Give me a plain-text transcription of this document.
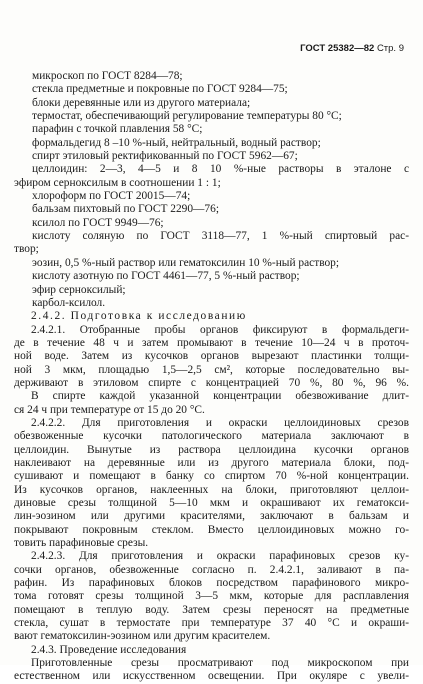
ГОСТ 25382—82 Стр. 9
микроскоп по ГОСТ 8284—78;
стекла предметные и покровные по ГОСТ 9284—75;
блоки деревянные или из другого материала;
термостат, обеспечивающий регулирование температуры 80 °С;
парафин с точкой плавления 58 °С;
формальдегид 8 –10 %-ный, нейтральный, водный раствор;
спирт этиловый ректификованный по ГОСТ 5962—67;
целлоидин: 2—3, 4—5 и 8 10 %-ные растворы в эталоне с
эфиром серноксилым в соотношении 1 : 1;
хлороформ по ГОСТ 20015—74;
бальзам пихтовый по ГОСТ 2290—76;
ксилол по ГОСТ 9949—76;
кислоту соляную по ГОСТ 3118—77, 1 %-ный спиртовый рас-
твор;
эозин, 0,5 %-ный раствор или гематоксилин 10 %-ный раствор;
кислоту азотную по ГОСТ 4461—77, 5 %-ный раствор;
эфир серноксилый;
карбол-ксилол.
2.4.2. Подготовка к исследованию
2.4.2.1. Отобранные пробы органов фиксируют в формальдеги-
де в течение 48 ч и затем промывают в течение 10—24 ч в проточ-
ной воде. Затем из кусочков органов вырезают пластинки толщи-
ной 3 мкм, площадью 1,5—2,5 см², которые последовательно вы-
держивают в этиловом спирте с концентрацией 70 %, 80 %, 96 %.
В спирте каждой указанной концентрации обезвоживание длит-
ся 24 ч при температуре от 15 до 20 °С.
2.4.2.2. Для приготовления и окраски целлоидиновых срезов
обезвоженные кусочки патологического материала заключают в
целлоидин. Вынутые из раствора целлоидина кусочки органов
наклеивают на деревянные или из другого материала блоки, под-
сушивают и помещают в банку со спиртом 70 %-ной концентрации.
Из кусочков органов, наклеенных на блоки, приготовляют целлои-
диновые срезы толщиной 5—10 мкм и окрашивают их гематокси-
лин-эозином или другими красителями, заключают в бальзам и
покрывают покровным стеклом. Вместо целлоидиновых можно го-
товить парафиновые срезы.
2.4.2.3. Для приготовления и окраски парафиновых срезов ку-
сочки органов, обезвоженные согласно п. 2.4.2.1, заливают в па-
рафин. Из парафиновых блоков посредством парафинового микро-
тома готовят срезы толщиной 3—5 мкм, которые для расплавления
помещают в теплую воду. Затем срезы переносят на предметные
стекла, сушат в термостате при температуре 37 40 °С и окраши-
вают гематоксилин-эозином или другим красителем.
2.4.3. Проведение исследования
Приготовленные срезы просматривают под микроскопом при
естественном или искусственном освещении. При окуляре с увели-
